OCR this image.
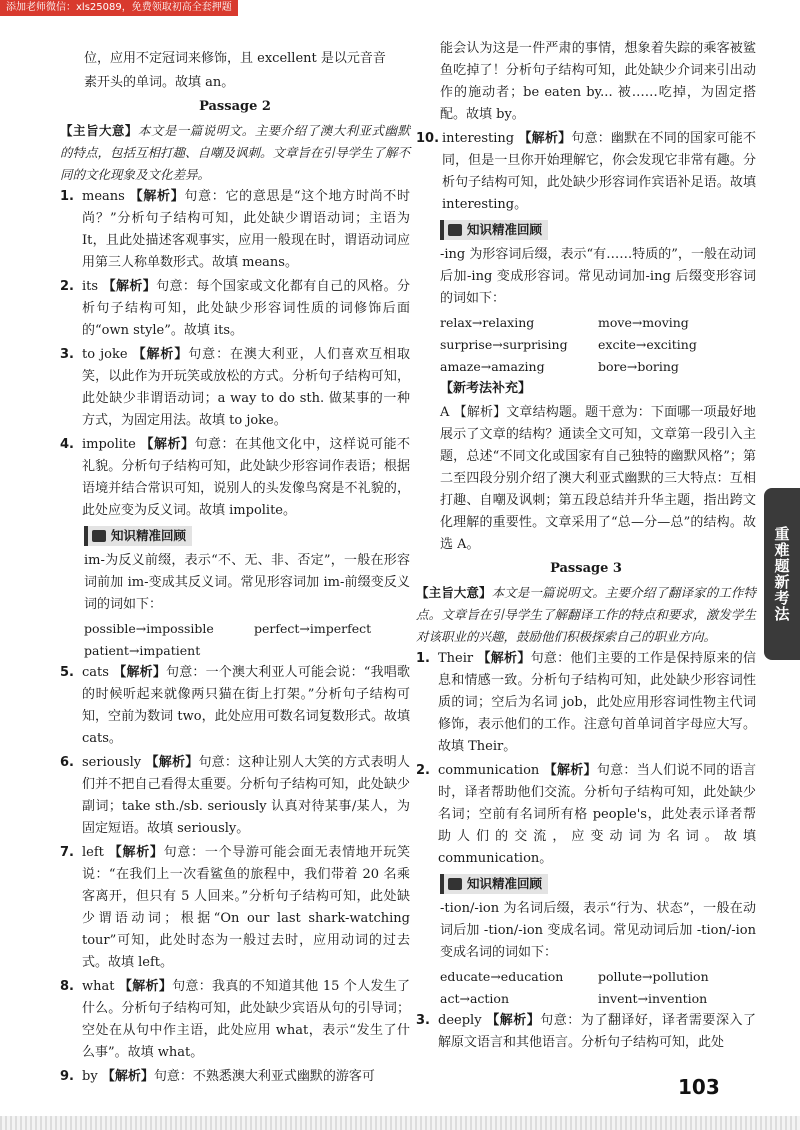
添加老师微信：xls25089，免费领取初高全套押题
重难题新考法
位，应用不定冠词来修饰，且 excellent 是以元音音
素开头的单词。故填 an。
Passage 2
【主旨大意】本文是一篇说明文。主要介绍了澳大利亚式幽默的特点，包括互相打趣、自嘲及讽刺。文章旨在引导学生了解不同的文化现象及文化差异。
1. means 【解析】句意：它的意思是“这个地方时尚不时尚？”分析句子结构可知，此处缺少谓语动词；主语为 It，且此处描述客观事实，应用一般现在时，谓语动词应用第三人称单数形式。故填 means。
2. its 【解析】句意：每个国家或文化都有自己的风格。分析句子结构可知，此处缺少形容词性质的词修饰后面的“own style”。故填 its。
3. to joke 【解析】句意：在澳大利亚，人们喜欢互相取笑，以此作为开玩笑或放松的方式。分析句子结构可知，此处缺少非谓语动词；a way to do sth. 做某事的一种方式，为固定用法。故填 to joke。
4. impolite 【解析】句意：在其他文化中，这样说可能不礼貌。分析句子结构可知，此处缺少形容词作表语；根据语境并结合常识可知，说别人的头发像鸟窝是不礼貌的，此处应变为反义词。故填 impolite。
知识精准回顾
im-为反义前缀，表示“不、无、非、否定”，一般在形容词前加 im-变成其反义词。常见形容词加 im-前缀变反义词的词如下：
possible→impossible	perfect→imperfect
patient→impatient
5. cats 【解析】句意：一个澳大利亚人可能会说：“我唱歌的时候听起来就像两只猫在街上打架。”分析句子结构可知，空前为数词 two，此处应用可数名词复数形式。故填 cats。
6. seriously 【解析】句意：这种让别人大笑的方式表明人们并不把自己看得太重要。分析句子结构可知，此处缺少副词；take sth./sb. seriously 认真对待某事/某人，为固定短语。故填 seriously。
7. left 【解析】句意：一个导游可能会面无表情地开玩笑说：“在我们上一次看鲨鱼的旅程中，我们带着 20 名乘客离开，但只有 5 人回来。”分析句子结构可知，此处缺少谓语动词；根据“On our last shark-watching tour”可知，此处时态为一般过去时，应用动词的过去式。故填 left。
8. what 【解析】句意：我真的不知道其他 15 个人发生了什么。分析句子结构可知，此处缺少宾语从句的引导词；空处在从句中作主语，此处应用 what，表示“发生了什么事”。故填 what。
9. by 【解析】句意：不熟悉澳大利亚式幽默的游客可
能会认为这是一件严肃的事情，想象着失踪的乘客被鲨鱼吃掉了！分析句子结构可知，此处缺少介词来引出动作的施动者；be eaten by... 被……吃掉，为固定搭配。故填 by。
10. interesting 【解析】句意：幽默在不同的国家可能不同，但是一旦你开始理解它，你会发现它非常有趣。分析句子结构可知，此处缺少形容词作宾语补足语。故填 interesting。
知识精准回顾
-ing 为形容词后缀，表示“有……特质的”，一般在动词后加-ing 变成形容词。常见动词加-ing 后缀变形容词的词如下：
relax→relaxing	move→moving
surprise→surprising	excite→exciting
amaze→amazing	bore→boring
【新考法补充】
A 【解析】文章结构题。题干意为：下面哪一项最好地展示了文章的结构？通读全文可知，文章第一段引入主题，总述“不同文化或国家有自己独特的幽默风格”；第二至四段分别介绍了澳大利亚式幽默的三大特点：互相打趣、自嘲及讽刺；第五段总结并升华主题，指出跨文化理解的重要性。文章采用了“总—分—总”的结构。故选 A。
Passage 3
【主旨大意】本文是一篇说明文。主要介绍了翻译家的工作特点。文章旨在引导学生了解翻译工作的特点和要求，激发学生对该职业的兴趣，鼓励他们积极探索自己的职业方向。
1. Their 【解析】句意：他们主要的工作是保持原来的信息和情感一致。分析句子结构可知，此处缺少形容词性质的词；空后为名词 job，此处应用形容词性物主代词修饰，表示他们的工作。注意句首单词首字母应大写。故填 Their。
2. communication 【解析】句意：当人们说不同的语言时，译者帮助他们交流。分析句子结构可知，此处缺少名词；空前有名词所有格 people's，此处表示译者帮助人们的交流，应变动词为名词。故填 communication。
知识精准回顾
-tion/-ion 为名词后缀，表示“行为、状态”，一般在动词后加 -tion/-ion 变成名词。常见动词后加 -tion/-ion 变成名词的词如下：
educate→education	pollute→pollution
act→action	invent→invention
3. deeply 【解析】句意：为了翻译好，译者需要深入了解原文语言和其他语言。分析句子结构可知，此处
103
